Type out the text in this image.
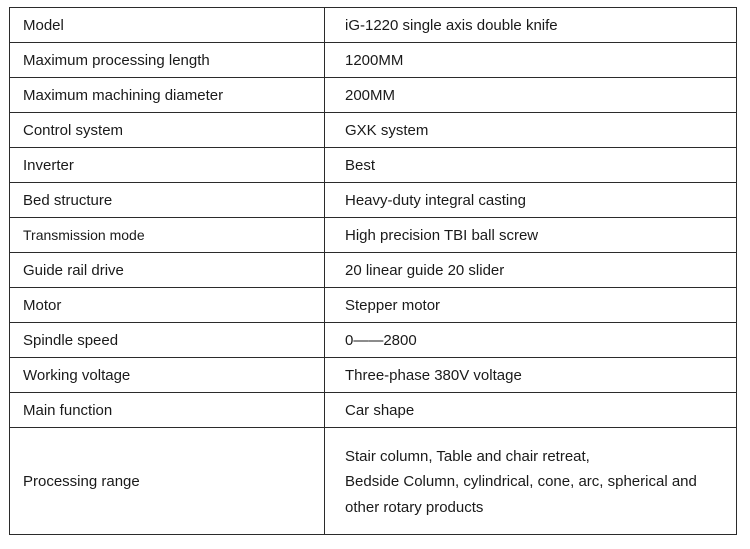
Model	iG-1220 single axis double knife
Maximum processing length	1200MM
Maximum machining diameter	200MM
Control system	GXK system
Inverter	Best
Bed structure	Heavy-duty integral casting
Transmission mode	High precision TBI ball screw
Guide rail drive	20 linear guide 20 slider
Motor	Stepper motor
Spindle speed	0——2800
Working voltage	Three-phase 380V voltage
Main function	Car shape
Processing range	Stair column, Table and chair retreat,
Bedside Column, cylindrical, cone, arc, spherical and
other rotary products
